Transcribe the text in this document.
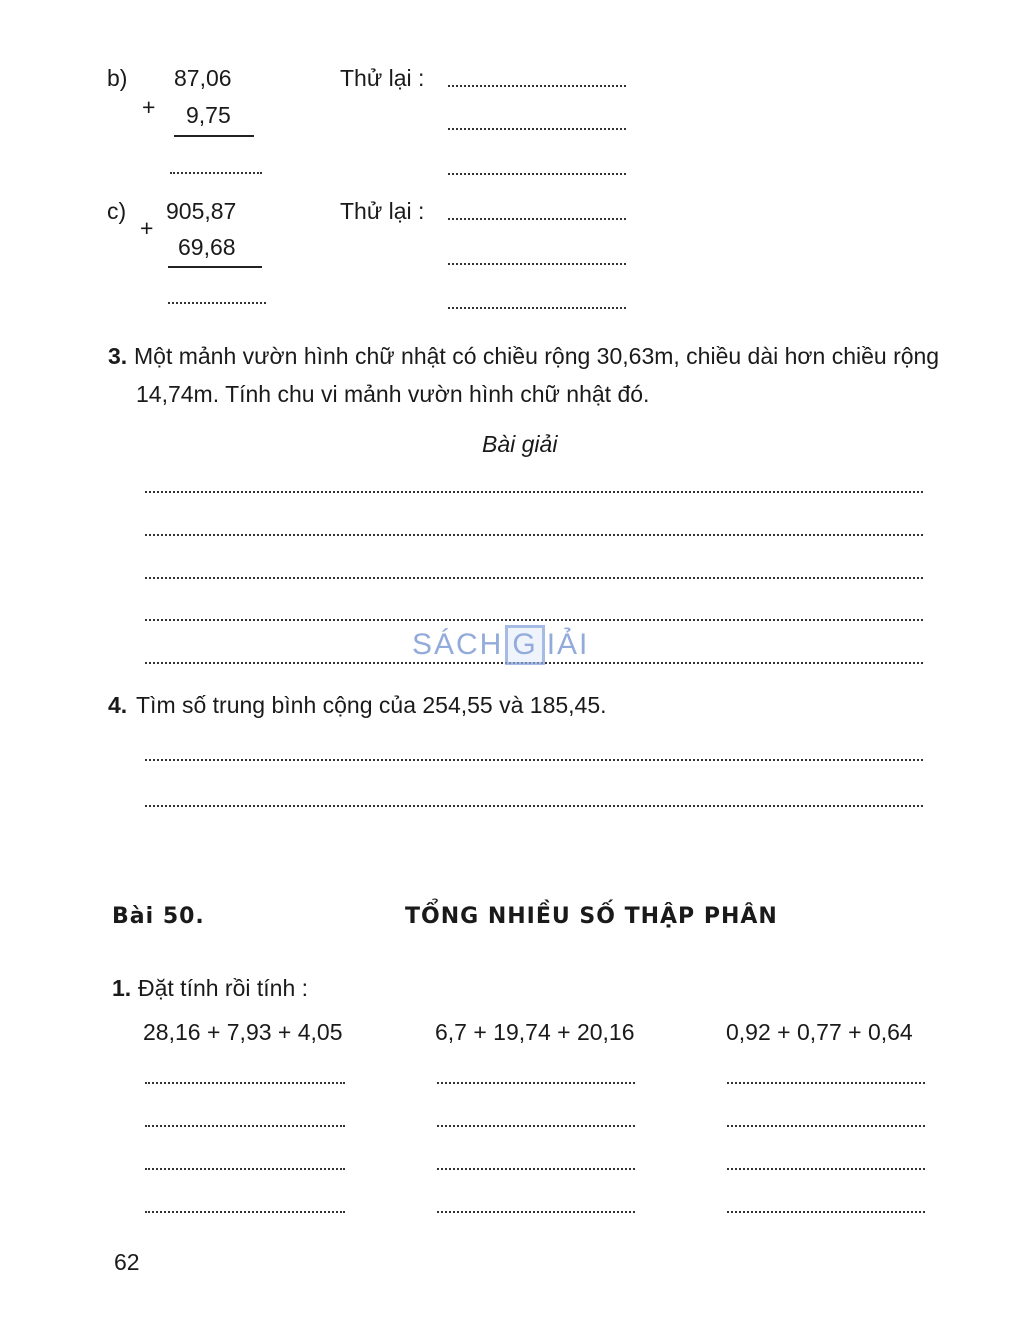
b) 87,06
+ 9,75
Thử lại :
c) 905,87
+
69,68
Thử lại :
3. Một mảnh vườn hình chữ nhật có chiều rộng 30,63m, chiều dài hơn chiều rộng
14,74m. Tính chu vi mảnh vườn hình chữ nhật đó.
Bài giải
SÁCH G IẢI
4. Tìm số trung bình cộng của 254,55 và 185,45.
Bài 50.	TỔNG NHIỀU SỐ THẬP PHÂN
1. Đặt tính rồi tính :
28,16 + 7,93 + 4,05	6,7 + 19,74 + 20,16	0,92 + 0,77 + 0,64
62
